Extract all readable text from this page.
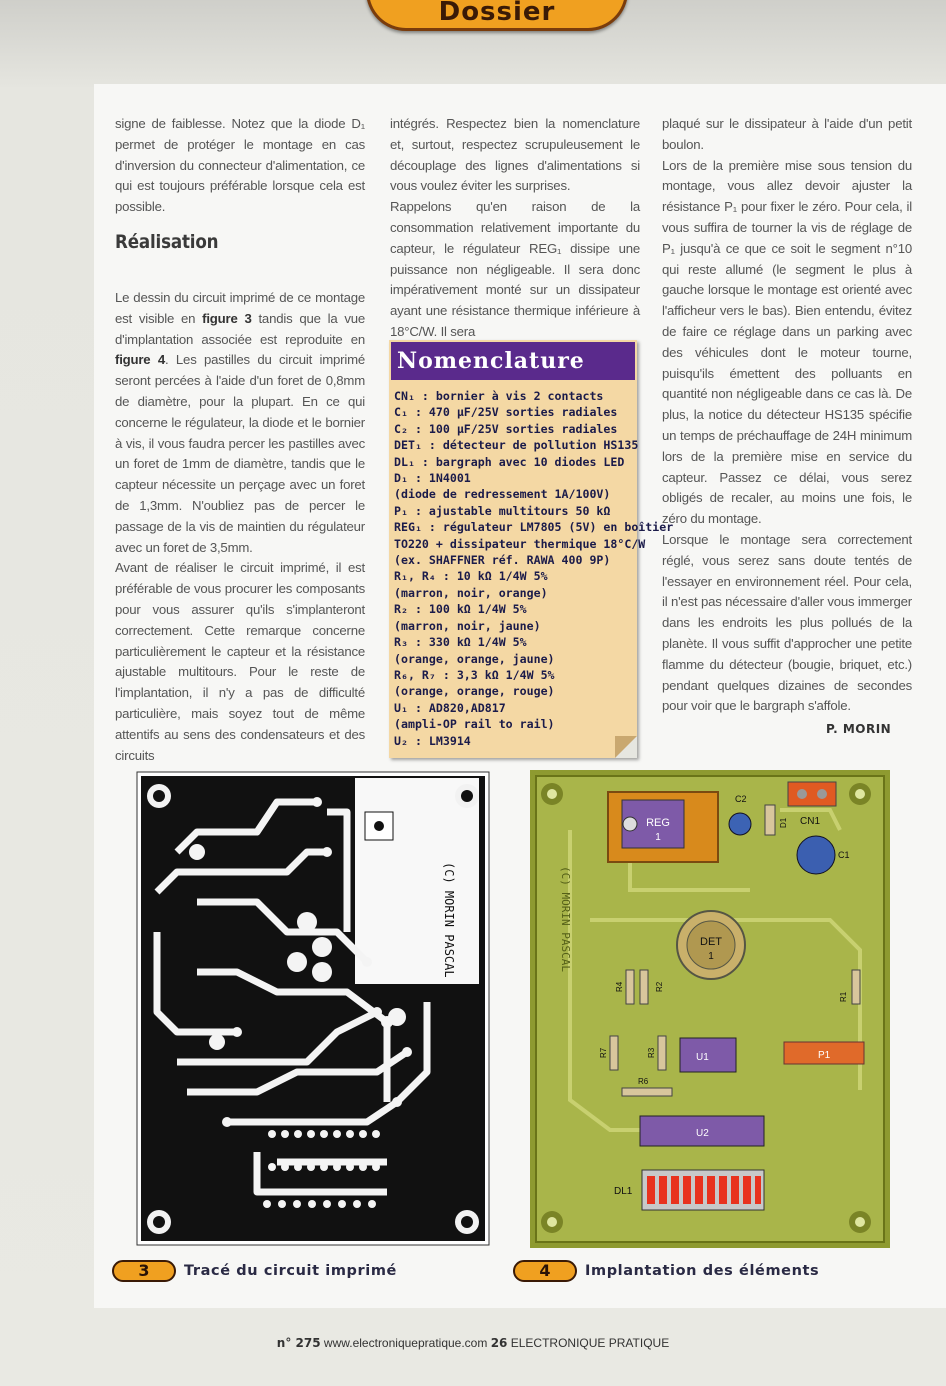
Dossier

signe de faiblesse. Notez que la diode D₁ permet de protéger le montage en cas d'inversion du connecteur d'alimentation, ce qui est toujours préférable lorsque cela est possible.

Réalisation

Le dessin du circuit imprimé de ce montage est visible en figure 3 tandis que la vue d'implantation associée est reproduite en figure 4. Les pastilles du circuit imprimé seront percées à l'aide d'un foret de 0,8mm de diamètre, pour la plupart. En ce qui concerne le régulateur, la diode et le bornier à vis, il vous faudra percer les pastilles avec un foret de 1mm de diamètre, tandis que le capteur nécessite un perçage avec un foret de 1,3mm. N'oubliez pas de percer le passage de la vis de maintien du régulateur avec un foret de 3,5mm.

Avant de réaliser le circuit imprimé, il est préférable de vous procurer les composants pour vous assurer qu'ils s'implanteront correctement. Cette remarque concerne particulièrement le capteur et la résistance ajustable multitours. Pour le reste de l'implantation, il n'y a pas de difficulté particulière, mais soyez tout de même attentifs au sens des condensateurs et des circuits

intégrés. Respectez bien la nomenclature et, surtout, respectez scrupuleusement le découplage des lignes d'alimentations si vous voulez éviter les surprises.

Rappelons qu'en raison de la consommation relativement importante du capteur, le régulateur REG₁ dissipe une puissance non négligeable. Il sera donc impérativement monté sur un dissipateur ayant une résistance thermique inférieure à 18°C/W. Il sera

Nomenclature
CN₁ : bornier à vis 2 contacts
C₁ : 470 µF/25V sorties radiales
C₂ : 100 µF/25V sorties radiales
DET₁ : détecteur de pollution HS135
DL₁ : bargraph avec 10 diodes LED
D₁ : 1N4001
(diode de redressement 1A/100V)
P₁ : ajustable multitours 50 kΩ
REG₁ : régulateur LM7805 (5V) en boîtier
TO220 + dissipateur thermique 18°C/W
(ex. SHAFFNER réf. RAWA 400 9P)
R₁, R₄ : 10 kΩ 1/4W 5%
(marron, noir, orange)
R₂ : 100 kΩ 1/4W 5%
(marron, noir, jaune)
R₃ : 330 kΩ 1/4W 5%
(orange, orange, jaune)
R₆, R₇ : 3,3 kΩ 1/4W 5%
(orange, orange, rouge)
U₁ : AD820,AD817
(ampli-OP rail to rail)
U₂ : LM3914

plaqué sur le dissipateur à l'aide d'un petit boulon.

Lors de la première mise sous tension du montage, vous allez devoir ajuster la résistance P₁ pour fixer le zéro. Pour cela, il vous suffira de tourner la vis de réglage de P₁ jusqu'à ce que ce soit le segment n°10 qui reste allumé (le segment le plus à gauche lorsque le montage est orienté avec l'afficheur vers le bas). Bien entendu, évitez de faire ce réglage dans un parking avec des véhicules dont le moteur tourne, puisqu'ils émettent des polluants en quantité non négligeable dans ce cas là. De plus, la notice du détecteur HS135 spécifie un temps de préchauffage de 24H minimum lors de la première mise en service du capteur. Passez ce délai, vous serez obligés de recaler, au moins une fois, le zéro du montage.

Lorsque le montage sera correctement réglé, vous serez sans doute tentés de l'essayer en environnement réel. Pour cela, il n'est pas nécessaire d'aller vous immerger dans les endroits les plus pollués de la planète. Il vous suffit d'approcher une petite flamme du détecteur (bougie, briquet, etc.) pendant quelques dizaines de secondes pour voir que le bargraph s'affole.

P. MORIN
(C) MORIN PASCAL
REG
1
C2
D1 CN1
C1
DET
1
R4	R2
R1
R7	R3	U1	P1
R6
U2
DL1
(C) MORIN PASCAL
3	Tracé du circuit imprimé	4	Implantation des éléments
n° 275 www.electroniquepratique.com 26 ELECTRONIQUE PRATIQUE
